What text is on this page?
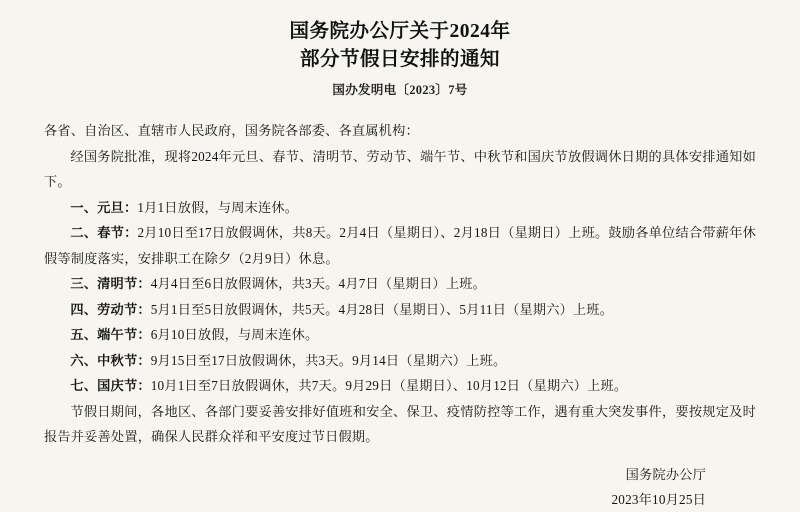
国务院办公厅关于2024年
部分节假日安排的通知
国办发明电〔2023〕7号
各省、自治区、直辖市人民政府，国务院各部委、各直属机构：
经国务院批准，现将2024年元旦、春节、清明节、劳动节、端午节、中秋节和国庆节放假调休日期的具体安排通知如下。
一、元旦：1月1日放假，与周末连休。
二、春节：2月10日至17日放假调休，共8天。2月4日（星期日）、2月18日（星期日）上班。鼓励各单位结合带薪年休假等制度落实，安排职工在除夕（2月9日）休息。
三、清明节：4月4日至6日放假调休，共3天。4月7日（星期日）上班。
四、劳动节：5月1日至5日放假调休，共5天。4月28日（星期日）、5月11日（星期六）上班。
五、端午节：6月10日放假，与周末连休。
六、中秋节：9月15日至17日放假调休，共3天。9月14日（星期六）上班。
七、国庆节：10月1日至7日放假调休，共7天。9月29日（星期日）、10月12日（星期六）上班。
节假日期间，各地区、各部门要妥善安排好值班和安全、保卫、疫情防控等工作，遇有重大突发事件，要按规定及时报告并妥善处置，确保人民群众祥和平安度过节日假期。
国务院办公厅
2023年10月25日
